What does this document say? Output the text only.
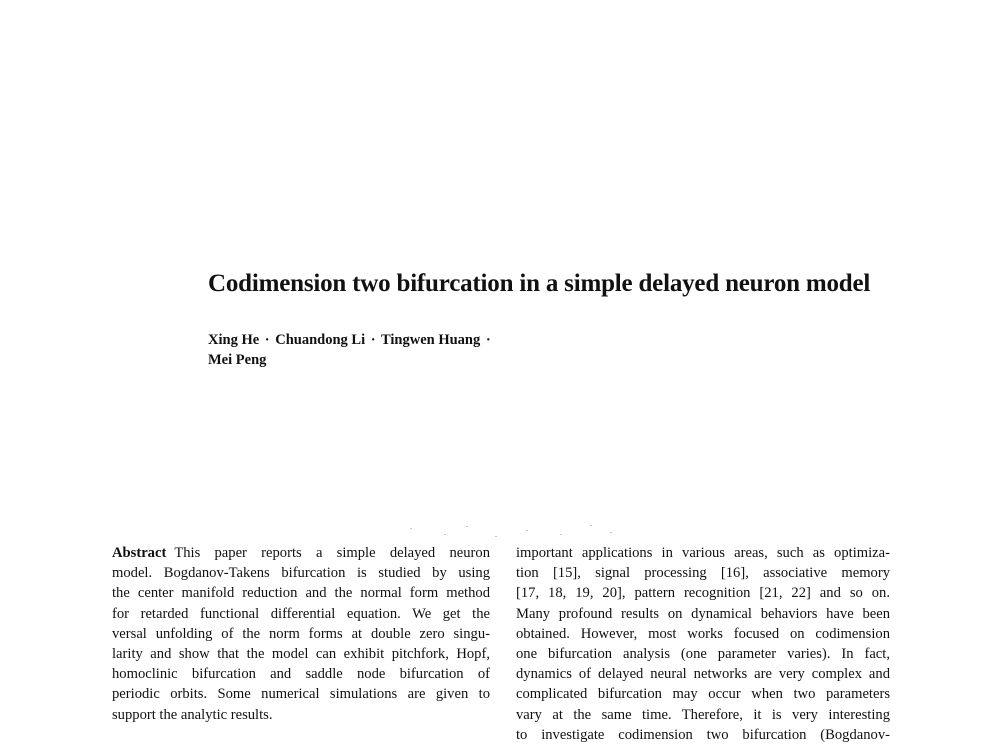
Codimension two bifurcation in a simple delayed neuron model
Xing He · Chuandong Li · Tingwen Huang ·
Mei Peng
Abstract This paper reports a simple delayed neuron
model. Bogdanov-Takens bifurcation is studied by using
the center manifold reduction and the normal form method
for retarded functional differential equation. We get the
versal unfolding of the norm forms at double zero singu-
larity and show that the model can exhibit pitchfork, Hopf,
homoclinic bifurcation and saddle node bifurcation of
periodic orbits. Some numerical simulations are given to
support the analytic results.
important applications in various areas, such as optimiza-
tion [15], signal processing [16], associative memory
[17, 18, 19, 20], pattern recognition [21, 22] and so on.
Many profound results on dynamical behaviors have been
obtained. However, most works focused on codimension
one bifurcation analysis (one parameter varies). In fact,
dynamics of delayed neural networks are very complex and
complicated bifurcation may occur when two parameters
vary at the same time. Therefore, it is very interesting
to investigate codimension two bifurcation (Bogdanov-
